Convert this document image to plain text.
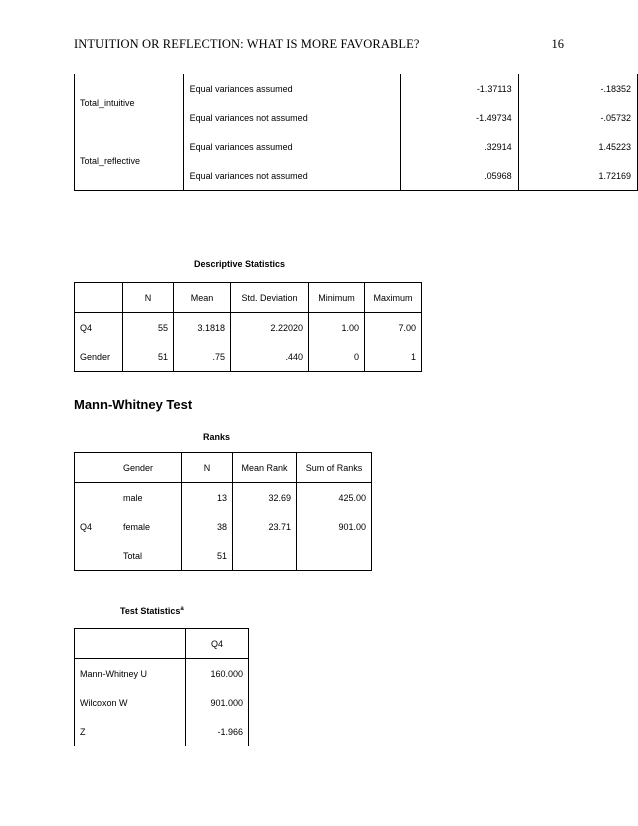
INTUITION OR REFLECTION: WHAT IS MORE FAVORABLE?	16
Total_intuitive	Equal variances assumed	-1.37113	-.18352
	Equal variances not assumed	-1.49734	-.05732
Total_reflective	Equal variances assumed	.32914	1.45223
	Equal variances not assumed	.05968	1.72169
Descriptive Statistics
	N	Mean	Std. Deviation	Minimum	Maximum
Q4	55	3.1818	2.22020	1.00	7.00
Gender	51	.75	.440	0	1
Mann-Whitney Test
Ranks
	Gender	N	Mean Rank	Sum of Ranks
Q4	male	13	32.69	425.00
	female	38	23.71	901.00
	Total	51		
Test Statistics$^a$
	Q4
Mann-Whitney U	160.000
Wilcoxon W	901.000
Z	-1.966
